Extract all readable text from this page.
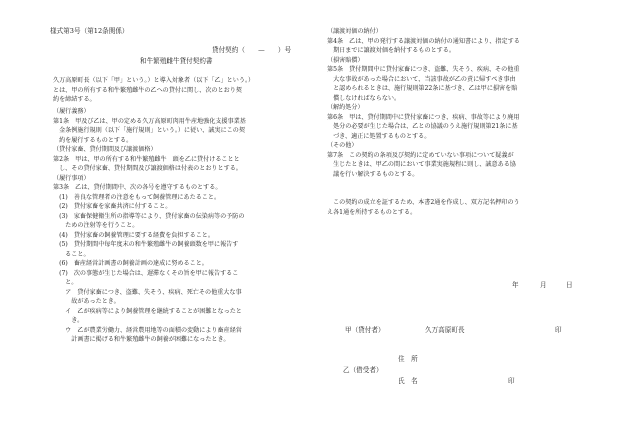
様式第3号（第12条関係）
貸付契約（　　—　　）号
和牛繁殖雌牛貸付契約書
久万高原町長（以下「甲」という。）と導入対象者（以下「乙」という。）
とは、甲の所有する和牛繁殖雌牛の乙への貸付に関し、次のとおり契
約を締結する。
（履行義務）
第1条　甲及び乙は、甲の定める久万高原町肉用牛産地強化支援事業基
　金条例施行規則（以下「施行規則」という。）に従い、誠実にこの契
　約を履行するものとする。
（貸付家畜、貸付期間及び譲渡価格）
第2条　甲は、甲の所有する和牛繁殖雌牛　頭を乙に貸付けることと
　し、その貸付家畜、貸付期間及び譲渡価格は付表のとおりとする。
（履行事項）
第3条　乙は、貸付期間中、次の各号を遵守するものとする。
　(1)　善良な管理者の注意をもって飼養管理にあたること。
　(2)　貸付家畜を家畜共済に付すること。
　(3)　家畜保健衛生所の指導等により、貸付家畜の伝染病等の予防の
　　ための注射等を行うこと。
　(4)　貸付家畜の飼養管理に要する経費を負担すること。
　(5)　貸付期間中毎年度末の和牛繁殖雌牛の飼養頭数を甲に報告す
　　ること。
　(6)　畜産経営計画書の飼養計画の達成に努めること。
　(7)　次の事態が生じた場合は、遅滞なくその旨を甲に報告するこ
　　と。
　　ア　貸付家畜につき、盗難、失そう、疾病、死亡その他重大な事
　　　故があったとき。
　　イ　乙が疾病等により飼養管理を継続することが困難となったと
　　　き。
　　ウ　乙が農業労働力、経営農用地等の面積の変動により畜産経営
　　　計画書に掲げる和牛繁殖雌牛の飼養が困難になったとき。
（譲渡対価の納付）
第4条　乙は、甲の発行する譲渡対価の納付の通知書により、指定する
　期日までに譲渡対価を納付するものとする。
（損害賠償）
第5条　貸付期間中に貸付家畜につき、盗難、失そう、疾病、その他重
　大な事故があった場合において、当該事故が乙の責に帰すべき事由
　と認められるときは、施行規則第22条に基づき、乙は甲に損害を賠
　償しなければならない。
（解約処分）
第6条　甲は、貸付期間中に貸付家畜につき、疾病、事故等により廃用
　処分の必要が生じた場合は、乙との協議のうえ施行規則第21条に基
　づき、適正に処置するものとする。
（その他）
第7条　この契約の条項及び契約に定めていない事項について疑義が
　生じたときは、甲乙の間において事業実施規程に則し、誠意ある協
　議を行い解決するものとする。
　この契約の成立を証するため、本書2通を作成し、双方記名押印のう
え各1通を所持するものとする。
年	月	日
甲（貸付者）	久万高原町長	印
住　所
乙（借受者）
氏　名	印
